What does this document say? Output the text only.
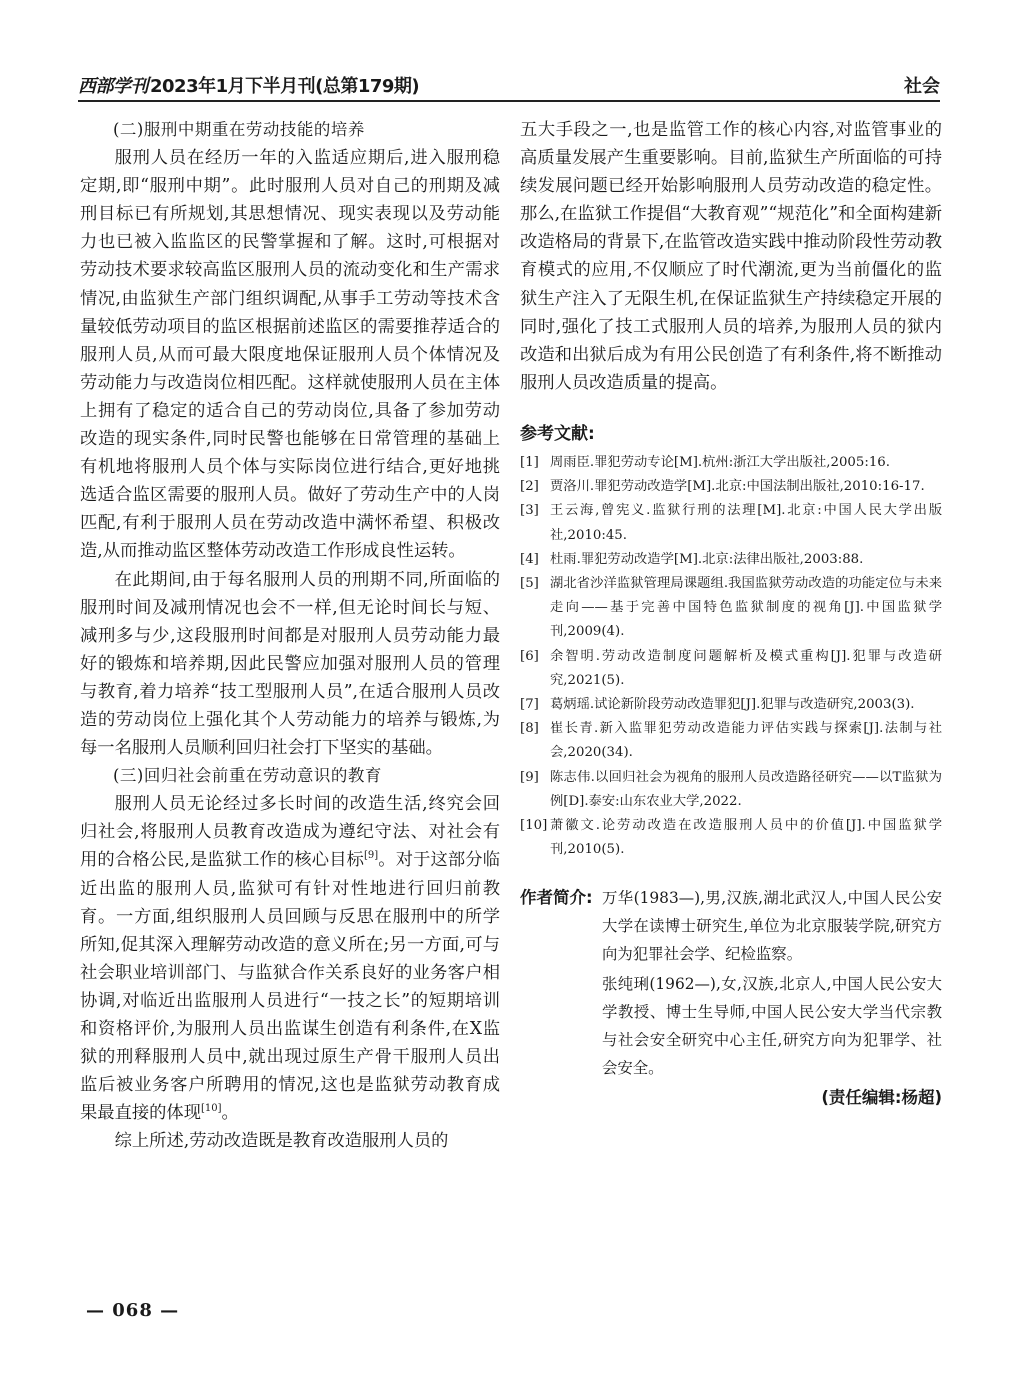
西部学刊 2023年1月下半月刊(总第179期)	社会
(二)服刑中期重在劳动技能的培养

服刑人员在经历一年的入监适应期后,进入服刑稳定期,即“服刑中期”。此时服刑人员对自己的刑期及减刑目标已有所规划,其思想情况、现实表现以及劳动能力也已被入监监区的民警掌握和了解。这时,可根据对劳动技术要求较高监区服刑人员的流动变化和生产需求情况,由监狱生产部门组织调配,从事手工劳动等技术含量较低劳动项目的监区根据前述监区的需要推荐适合的服刑人员,从而可最大限度地保证服刑人员个体情况及劳动能力与改造岗位相匹配。这样就使服刑人员在主体上拥有了稳定的适合自己的劳动岗位,具备了参加劳动改造的现实条件,同时民警也能够在日常管理的基础上有机地将服刑人员个体与实际岗位进行结合,更好地挑选适合监区需要的服刑人员。做好了劳动生产中的人岗匹配,有利于服刑人员在劳动改造中满怀希望、积极改造,从而推动监区整体劳动改造工作形成良性运转。

在此期间,由于每名服刑人员的刑期不同,所面临的服刑时间及减刑情况也会不一样,但无论时间长与短、减刑多与少,这段服刑时间都是对服刑人员劳动能力最好的锻炼和培养期,因此民警应加强对服刑人员的管理与教育,着力培养“技工型服刑人员”,在适合服刑人员改造的劳动岗位上强化其个人劳动能力的培养与锻炼,为每一名服刑人员顺利回归社会打下坚实的基础。

(三)回归社会前重在劳动意识的教育

服刑人员无论经过多长时间的改造生活,终究会回归社会,将服刑人员教育改造成为遵纪守法、对社会有用的合格公民,是监狱工作的核心目标[9]。对于这部分临近出监的服刑人员,监狱可有针对性地进行回归前教育。一方面,组织服刑人员回顾与反思在服刑中的所学所知,促其深入理解劳动改造的意义所在;另一方面,可与社会职业培训部门、与监狱合作关系良好的业务客户相协调,对临近出监服刑人员进行“一技之长”的短期培训和资格评价,为服刑人员出监谋生创造有利条件,在X监狱的刑释服刑人员中,就出现过原生产骨干服刑人员出监后被业务客户所聘用的情况,这也是监狱劳动教育成果最直接的体现[10]。

综上所述,劳动改造既是教育改造服刑人员的

五大手段之一,也是监管工作的核心内容,对监管事业的高质量发展产生重要影响。目前,监狱生产所面临的可持续发展问题已经开始影响服刑人员劳动改造的稳定性。那么,在监狱工作提倡“大教育观”“规范化”和全面构建新改造格局的背景下,在监管改造实践中推动阶段性劳动教育模式的应用,不仅顺应了时代潮流,更为当前僵化的监狱生产注入了无限生机,在保证监狱生产持续稳定开展的同时,强化了技工式服刑人员的培养,为服刑人员的狱内改造和出狱后成为有用公民创造了有利条件,将不断推动服刑人员改造质量的提高。

参考文献:
[1] 周雨臣.罪犯劳动专论[M].杭州:浙江大学出版社,2005:16.
[2] 贾洛川.罪犯劳动改造学[M].北京:中国法制出版社,2010:16-17.
[3] 王云海,曾宪义.监狱行刑的法理[M].北京:中国人民大学出版社,2010:45.
[4] 杜雨.罪犯劳动改造学[M].北京:法律出版社,2003:88.
[5] 湖北省沙洋监狱管理局课题组.我国监狱劳动改造的功能定位与未来走向——基于完善中国特色监狱制度的视角[J].中国监狱学刊,2009(4).
[6] 余智明.劳动改造制度问题解析及模式重构[J].犯罪与改造研究,2021(5).
[7] 葛炳瑶.试论新阶段劳动改造罪犯[J].犯罪与改造研究,2003(3).
[8] 崔长青.新入监罪犯劳动改造能力评估实践与探索[J].法制与社会,2020(34).
[9] 陈志伟.以回归社会为视角的服刑人员改造路径研究——以T监狱为例[D].泰安:山东农业大学,2022.
[10] 萧徽文.论劳动改造在改造服刑人员中的价值[J].中国监狱学刊,2010(5).
作者简介: 万华(1983—),男,汉族,湖北武汉人,中国人民公安大学在读博士研究生,单位为北京服装学院,研究方向为犯罪社会学、纪检监察。
张纯琍(1962—),女,汉族,北京人,中国人民公安大学教授、博士生导师,中国人民公安大学当代宗教与社会安全研究中心主任,研究方向为犯罪学、社会安全。
(责任编辑:杨超)
— 068 —
